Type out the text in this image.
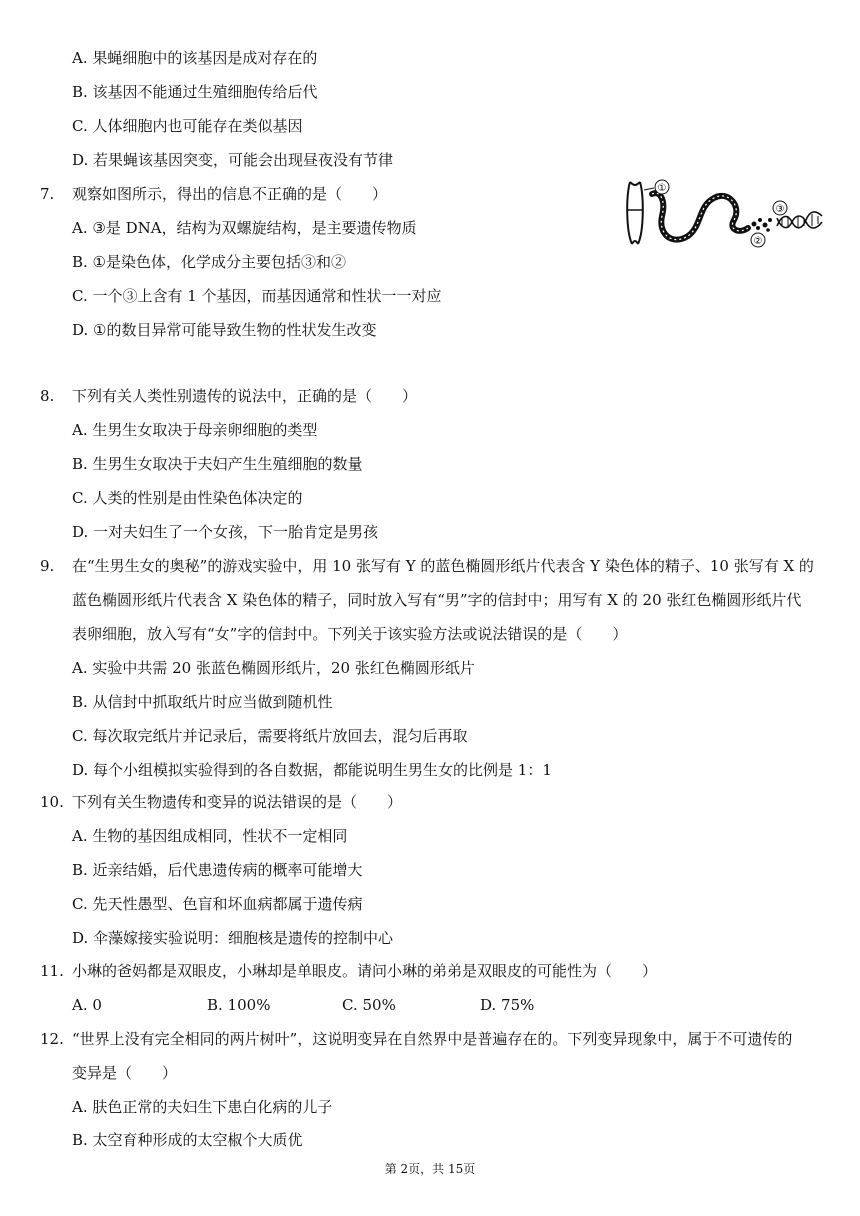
A. 果蝇细胞中的该基因是成对存在的
B. 该基因不能通过生殖细胞传给后代
C. 人体细胞内也可能存在类似基因
D. 若果蝇该基因突变，可能会出现昼夜没有节律
7. 观察如图所示，得出的信息不正确的是（　　）
A. ③是 DNA，结构为双螺旋结构，是主要遗传物质
B. ①是染色体，化学成分主要包括③和②
C. 一个③上含有 1 个基因，而基因通常和性状一一对应
D. ①的数目异常可能导致生物的性状发生改变
①
②
③
8. 下列有关人类性别遗传的说法中，正确的是（　　）
A. 生男生女取决于母亲卵细胞的类型
B. 生男生女取决于夫妇产生生殖细胞的数量
C. 人类的性别是由性染色体决定的
D. 一对夫妇生了一个女孩，下一胎肯定是男孩
9. 在“生男生女的奥秘”的游戏实验中，用 10 张写有 Y 的蓝色椭圆形纸片代表含 Y 染色体的精子、10 张写有 X 的
蓝色椭圆形纸片代表含 X 染色体的精子，同时放入写有“男”字的信封中；用写有 X 的 20 张红色椭圆形纸片代
表卵细胞，放入写有“女”字的信封中。下列关于该实验方法或说法错误的是（　　）
A. 实验中共需 20 张蓝色椭圆形纸片，20 张红色椭圆形纸片
B. 从信封中抓取纸片时应当做到随机性
C. 每次取完纸片并记录后，需要将纸片放回去，混匀后再取
D. 每个小组模拟实验得到的各自数据，都能说明生男生女的比例是 1：1
10. 下列有关生物遗传和变异的说法错误的是（　　）
A. 生物的基因组成相同，性状不一定相同
B. 近亲结婚，后代患遗传病的概率可能增大
C. 先天性愚型、色盲和坏血病都属于遗传病
D. 伞藻嫁接实验说明：细胞核是遗传的控制中心
11. 小琳的爸妈都是双眼皮，小琳却是单眼皮。请问小琳的弟弟是双眼皮的可能性为（　　）
A. 0	B. 100%	C. 50%	D. 75%
12. “世界上没有完全相同的两片树叶”，这说明变异在自然界中是普遍存在的。下列变异现象中，属于不可遗传的
变异是（　　）
A. 肤色正常的夫妇生下患白化病的儿子
B. 太空育种形成的太空椒个大质优
第 2页，共 15页
